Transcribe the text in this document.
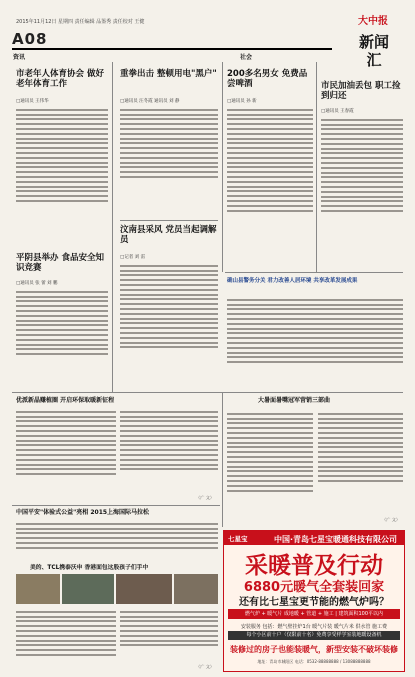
2015年11月12日 星期四 责任编辑 品鉴秀 责任校对 王健
A08
资讯	社会
大中报
新闻汇
市老年人体育协会 做好老年体育工作
□通讯员 王伟华
平阴县举办 食品安全知识竞赛
□通讯员 张 蕾 刘 鹏
重拳出击 整顿用电"黑户"
□通讯员 汪冬霞 通讯员 刘 静
汶南县采风 党员当起调解员
□记者 刘 雷
200多名男女 免费品尝啤酒
□通讯员 孙 新
市民加油丢包 职工捡到归还
□通讯员 王春霞
确山县警务分关 君力改善人居环境 共享改革发展成果
优派新晶赚植圈 开启环保取暖新征程
（广 文）
中国平安"体验式公益"亮相 2015上海国际马拉松
大暑面暑嘴冠军营销三部曲
（广 文）
美的、TCL携泰沃申 香港面包这股孩子们手中
（广 文）
七星宝	中国·青岛七星宝暖通科技有限公司
采暖普及行动
6880元暖气全套装回家
还有比七星宝更节能的燃气炉吗？
燃气炉 + 暖气片 成地暖 + 管道 + 施工 | 建筑面积100平以内
安装服务 包括：燃气壁挂炉1台 暖气片装 暖气片米 供水管 施工费
每个小区前十户（仅限前十名）免费享受样学室装地暖设备机
装修过的房子也能装暖气，新型安装不破坏装修
地址：青岛市城阳区 电话：0532-88888888 / 13088888888
